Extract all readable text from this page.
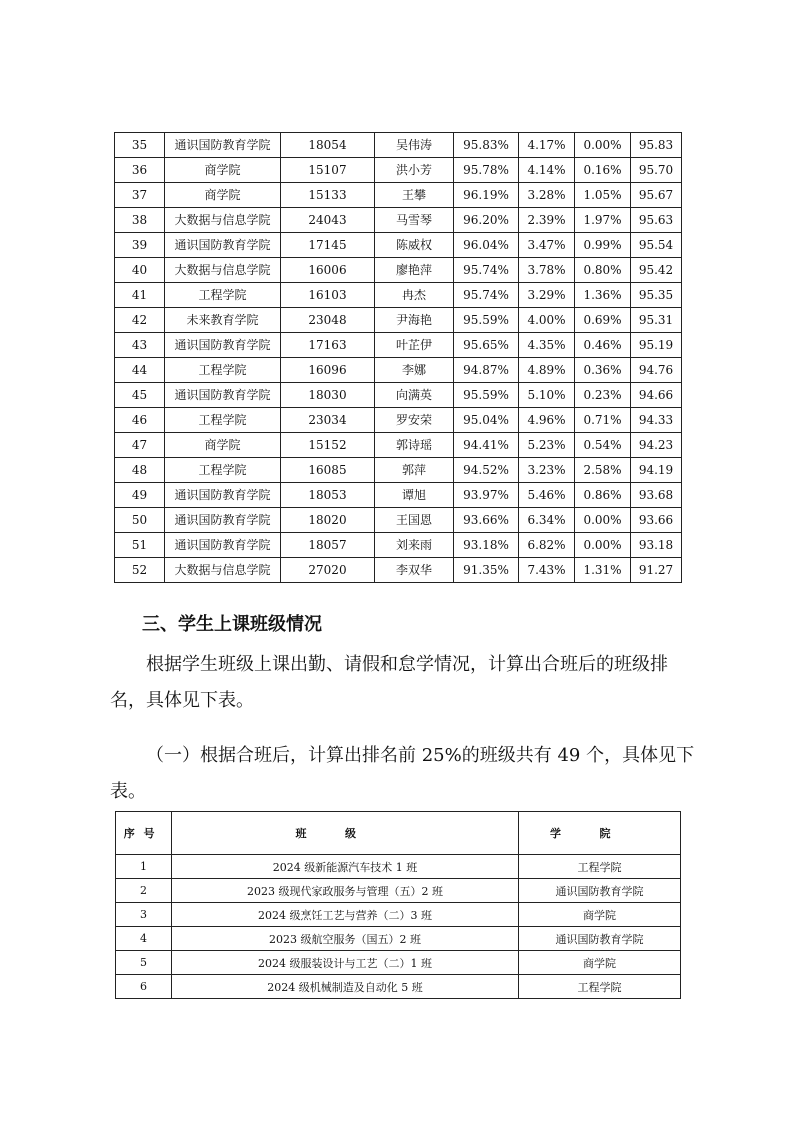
35	通识国防教育学院	18054	吴伟涛	95.83%	4.17%	0.00%	95.83
36	商学院	15107	洪小芳	95.78%	4.14%	0.16%	95.70
37	商学院	15133	王攀	96.19%	3.28%	1.05%	95.67
38	大数据与信息学院	24043	马雪琴	96.20%	2.39%	1.97%	95.63
39	通识国防教育学院	17145	陈威权	96.04%	3.47%	0.99%	95.54
40	大数据与信息学院	16006	廖艳萍	95.74%	3.78%	0.80%	95.42
41	工程学院	16103	冉杰	95.74%	3.29%	1.36%	95.35
42	未来教育学院	23048	尹海艳	95.59%	4.00%	0.69%	95.31
43	通识国防教育学院	17163	叶芷伊	95.65%	4.35%	0.46%	95.19
44	工程学院	16096	李娜	94.87%	4.89%	0.36%	94.76
45	通识国防教育学院	18030	向满英	95.59%	5.10%	0.23%	94.66
46	工程学院	23034	罗安荣	95.04%	4.96%	0.71%	94.33
47	商学院	15152	郭诗瑶	94.41%	5.23%	0.54%	94.23
48	工程学院	16085	郭萍	94.52%	3.23%	2.58%	94.19
49	通识国防教育学院	18053	谭旭	93.97%	5.46%	0.86%	93.68
50	通识国防教育学院	18020	王国恩	93.66%	6.34%	0.00%	93.66
51	通识国防教育学院	18057	刘来雨	93.18%	6.82%	0.00%	93.18
52	大数据与信息学院	27020	李双华	91.35%	7.43%	1.31%	91.27
三、学生上课班级情况
根据学生班级上课出勤、请假和怠学情况，计算出合班后的班级排名，具体见下表。
（一）根据合班后，计算出排名前 25%的班级共有 49 个，具体见下表。
序号	班级	学院
1	2024 级新能源汽车技术 1 班	工程学院
2	2023 级现代家政服务与管理（五）2 班	通识国防教育学院
3	2024 级烹饪工艺与营养（二）3 班	商学院
4	2023 级航空服务（国五）2 班	通识国防教育学院
5	2024 级服装设计与工艺（二）1 班	商学院
6	2024 级机械制造及自动化 5 班	工程学院
